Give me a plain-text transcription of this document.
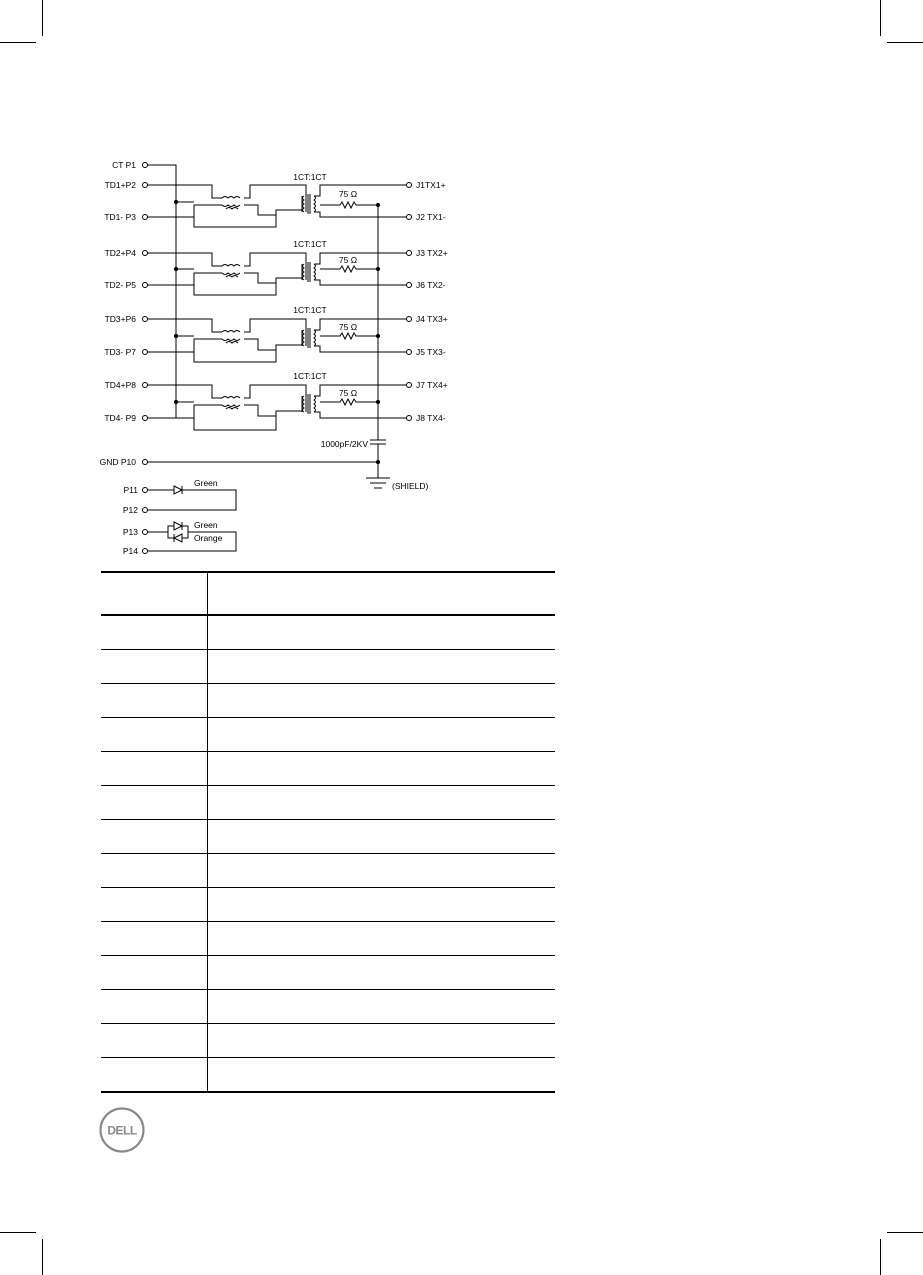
CT P1
TD1+P2
TD1- P3
TD2+P4
TD2- P5
TD3+P6
TD3- P7
TD4+P8
TD4- P9
GND P10
1CT:1CT
1CT:1CT
1CT:1CT
1CT:1CT
75 Ω
75 Ω
75 Ω
75 Ω
1000pF/2KV
(SHIELD)
J1TX1+
J2 TX1-
J3 TX2+
J6 TX2-
J4 TX3+
J5 TX3-
J7 TX4+
J8 TX4-
P11
P12
P13
P14
Green
Green
Orange

DELL
